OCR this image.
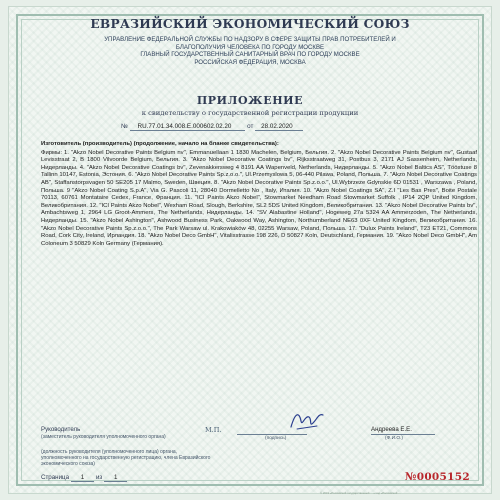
ЕВРАЗИЙСКИЙ ЭКОНОМИЧЕСКИЙ СОЮЗ
УПРАВЛЕНИЕ ФЕДЕРАЛЬНОЙ СЛУЖБЫ ПО НАДЗОРУ В СФЕРЕ ЗАЩИТЫ ПРАВ ПОТРЕБИТЕЛЕЙ И
БЛАГОПОЛУЧИЯ ЧЕЛОВЕКА ПО ГОРОДУ МОСКВЕ
ГЛАВНЫЙ ГОСУДАРСТВЕННЫЙ САНИТАРНЫЙ ВРАЧ ПО ГОРОДУ МОСКВЕ
РОССИЙСКАЯ ФЕДЕРАЦИЯ, МОСКВА
ПРИЛОЖЕНИЕ
к свидетельству о государственной регистрации продукции
№ RU.77.01.34.008.E.000602.02.20	от 28.02.2020
Изготовитель (производитель) (продолжение, начало на бланке свидетельства):
Фирмы: 1. "Akzo Nobel Decorative Paints Belgium nv", Emmanuellaan 1 1830 Machelen, Belgium, Бельгия. 2. "Akzo Nobel Decorative Paints Belgium nv", Gustaaf Levisstraat 2, B 1800 Vilvoorde Belgium, Бельгия. 3. "Akzo Nobel Decorative Coatings bv", Rijksstraatweg 31, Postbus 3, 2171 AJ Sassenheim, Netherlands, Нидерланды. 4. "Akzo Nobel Decorative Coatings bv", Zevenakkersweg 4 8191 AA Wapenveld, Netherlands, Нидерланды. 5. "Akzo Nobel Baltics AS", Tööstuse 8 Tallinn 10147, Estonia, Эстония. 6. "Akzo Nobel Decorative Paints Sp.z.o.o.", Ul.Przemyslowa 5, 06-440 Pilawa, Poland, Польша. 7. "Akzo Nobel Decorative Coatings AB", Staffanstorpsvagen 50 SE205 17 Malmo, Sweden, Швеция. 8. "Akzo Nobel Decorative Paints Sp.z.o.o.", Ul.Wybrzeze Gdynskie 6D 01531 , Warszawa , Poland, Польша. 9 "Akzo Nobel Coating S.p.A", Via G. Pascoli 11, 28040 Dormelletto No , Italy, Италия. 10. "Akzo Nobel Coatings SA", Z.I "Les Bas Pres", Boite Postale 70113, 60761 Montataire Cedex, France, Франция. 11. "ICI Paints Akzo Nobel", Stowmarket Needham Road Stowmarket Suffolk , IP14 2QP United Kingdom, Великобритания. 12. "ICI Paints Akzo Nobel", Wexham Road, Slough, Berkshire, SL2 5DS United Kingdom, Великобритания. 13. "Akzo Nobel Decorative Paints bv", Ambachtsweg 1, 2964 LG Groot-Ammers, The Netherlands, Нидерланды. 14. "SV Alabastine Holland", Hogeweg 27a 5324 AA Ammerzoden, The Netherlands, Нидерланды. 15. "Akzo Nobel Ashington", Ashwood Business Park, Oakwood Way, Ashington, Northumberland NE63 0XF United Kingdom, Великобритания. 16. "Akzo Nobel Decorative Paints Sp.z.o.o.", The Park Warsaw ul. Krakowiaków 48, 02255 Warsaw, Poland, Польша. 17. "Dulux Paints Ireland", T23 ET21, Commons Road, Cork City, Ireland, Ирландия. 18. "Akzo Nobel Deco GmbH", Vitalisstrasse 198 226, D 50827 Koln, Deutschland, Германия. 19. "Akzo Nobel Deco GmbH", Am Coloneum 3 50829 Koln Germany (Германия).
Руководитель
(заместитель руководителя уполномоченного органа)	(подпись)
Андреева Е.Е.
(Ф.И.О.)
М.П.
(должность руководителя (уполномоченного лица) органа, уполномоченного на государственную регистрацию, члена Евразийского экономического союза)
Страница 1 из 1	№0005152
© 2019 «Российский государственный ... » код «Российской ...
